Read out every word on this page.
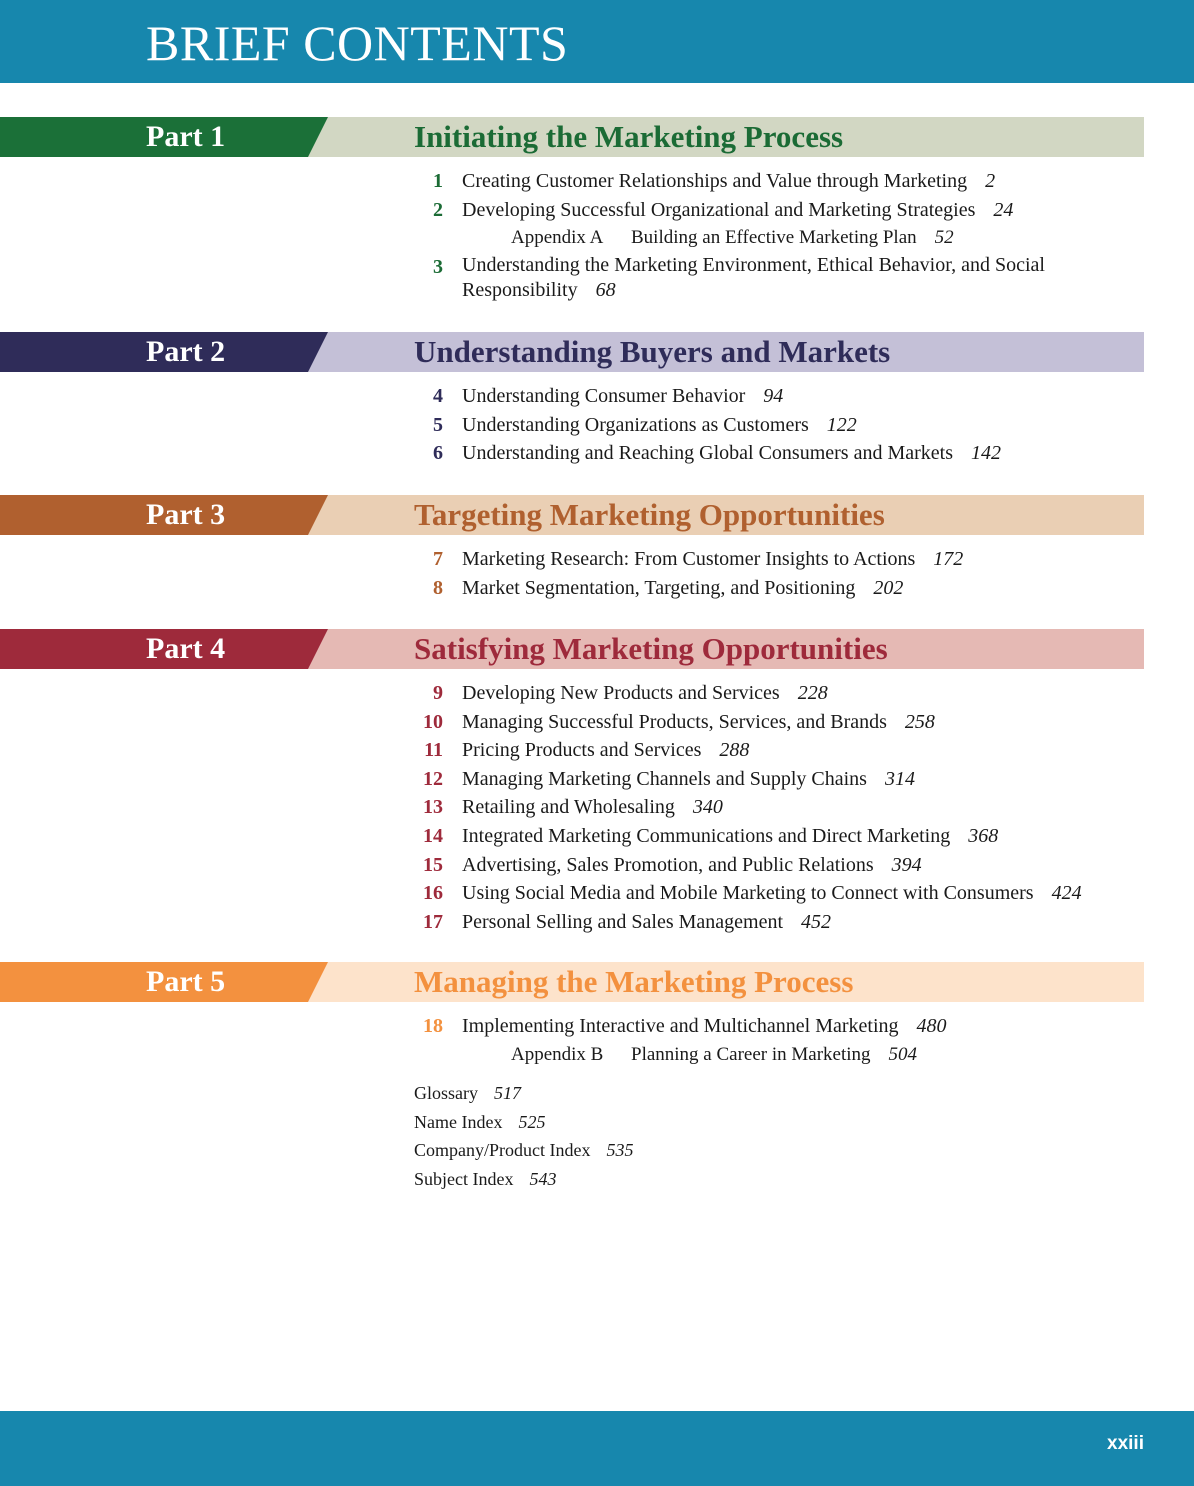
BRIEF CONTENTS
Part 1	Initiating the Marketing Process
1 Creating Customer Relationships and Value through Marketing 2
2 Developing Successful Organizational and Marketing Strategies 24
Appendix A Building an Effective Marketing Plan 52
3 Understanding the Marketing Environment, Ethical Behavior, and Social Responsibility 68
Part 2	Understanding Buyers and Markets
4 Understanding Consumer Behavior 94
5 Understanding Organizations as Customers 122
6 Understanding and Reaching Global Consumers and Markets 142
Part 3	Targeting Marketing Opportunities
7 Marketing Research: From Customer Insights to Actions 172
8 Market Segmentation, Targeting, and Positioning 202
Part 4	Satisfying Marketing Opportunities
9 Developing New Products and Services 228
10 Managing Successful Products, Services, and Brands 258
11 Pricing Products and Services 288
12 Managing Marketing Channels and Supply Chains 314
13 Retailing and Wholesaling 340
14 Integrated Marketing Communications and Direct Marketing 368
15 Advertising, Sales Promotion, and Public Relations 394
16 Using Social Media and Mobile Marketing to Connect with Consumers 424
17 Personal Selling and Sales Management 452
Part 5	Managing the Marketing Process
18 Implementing Interactive and Multichannel Marketing 480
Appendix B Planning a Career in Marketing 504
Glossary 517
Name Index 525
Company/Product Index 535
Subject Index 543
xxiii
